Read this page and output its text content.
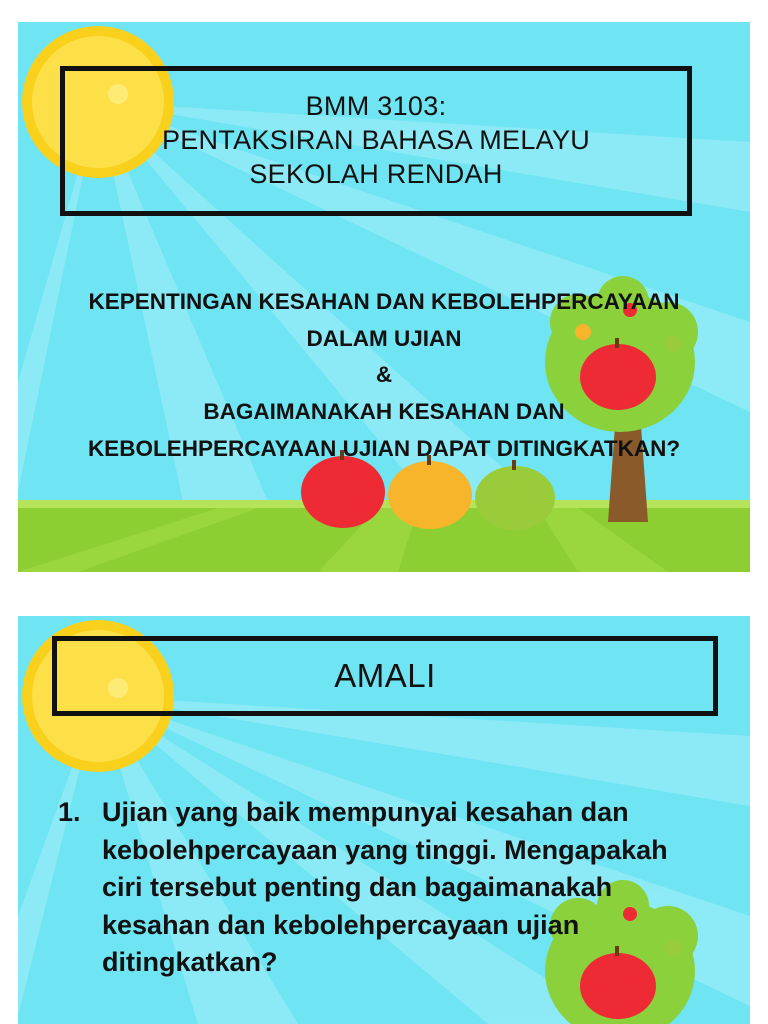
BMM 3103:
PENTAKSIRAN BAHASA MELAYU
SEKOLAH RENDAH
KEPENTINGAN KESAHAN DAN KEBOLEHPERCAYAAN
DALAM UJIAN
&
BAGAIMANAKAH KESAHAN DAN
KEBOLEHPERCAYAAN UJIAN DAPAT DITINGKATKAN?
AMALI
1. Ujian yang baik mempunyai kesahan dan
kebolehpercayaan yang tinggi. Mengapakah
ciri tersebut penting dan bagaimanakah
kesahan dan kebolehpercayaan ujian
ditingkatkan?
